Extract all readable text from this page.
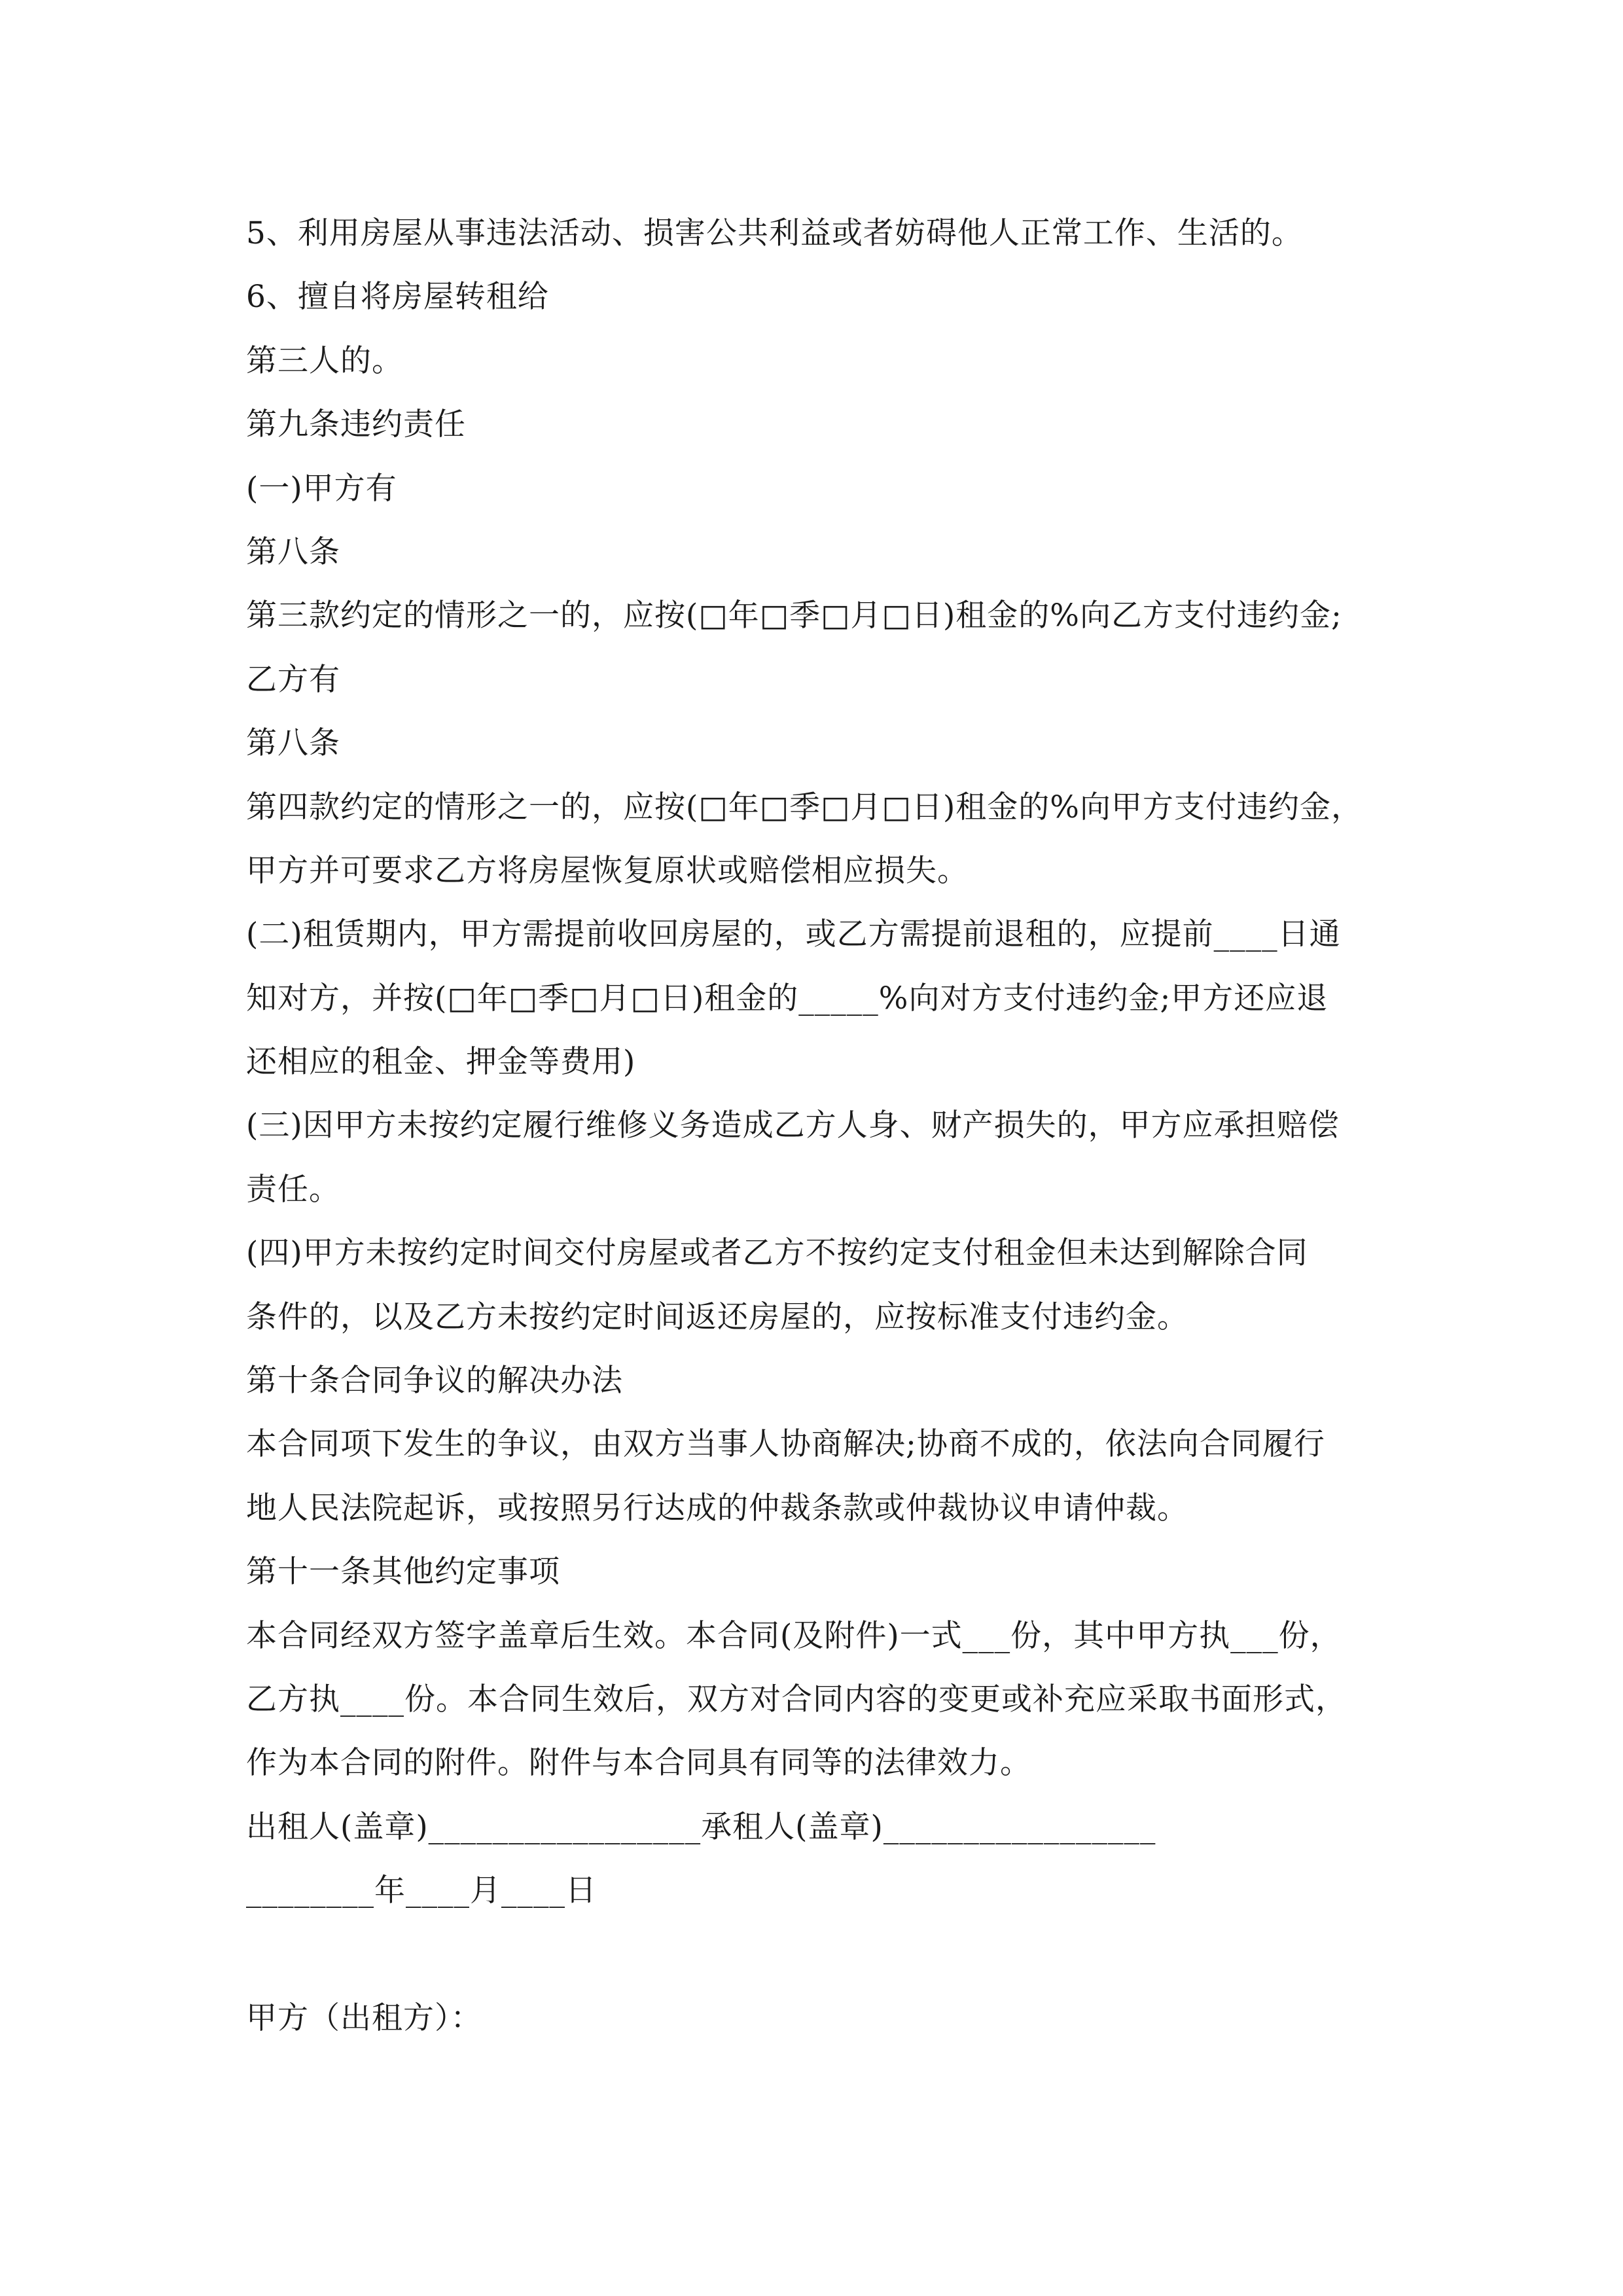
5、利用房屋从事违法活动、损害公共利益或者妨碍他人正常工作、生活的。
6、擅自将房屋转租给
第三人的。
第九条违约责任
(一)甲方有
第八条
第三款约定的情形之一的，应按(□年□季□月□日)租金的%向乙方支付违约金;
乙方有
第八条
第四款约定的情形之一的，应按(□年□季□月□日)租金的%向甲方支付违约金，
甲方并可要求乙方将房屋恢复原状或赔偿相应损失。
(二)租赁期内，甲方需提前收回房屋的，或乙方需提前退租的，应提前____日通
知对方，并按(□年□季□月□日)租金的_____%向对方支付违约金;甲方还应退
还相应的租金、押金等费用)
(三)因甲方未按约定履行维修义务造成乙方人身、财产损失的，甲方应承担赔偿
责任。
(四)甲方未按约定时间交付房屋或者乙方不按约定支付租金但未达到解除合同
条件的，以及乙方未按约定时间返还房屋的，应按标准支付违约金。
第十条合同争议的解决办法
本合同项下发生的争议，由双方当事人协商解决;协商不成的，依法向合同履行
地人民法院起诉，或按照另行达成的仲裁条款或仲裁协议申请仲裁。
第十一条其他约定事项
本合同经双方签字盖章后生效。本合同(及附件)一式___份，其中甲方执___份，
乙方执____份。本合同生效后，双方对合同内容的变更或补充应采取书面形式，
作为本合同的附件。附件与本合同具有同等的法律效力。
出租人(盖章)_________________承租人(盖章)_________________
________年____月____日
甲方（出租方）：
